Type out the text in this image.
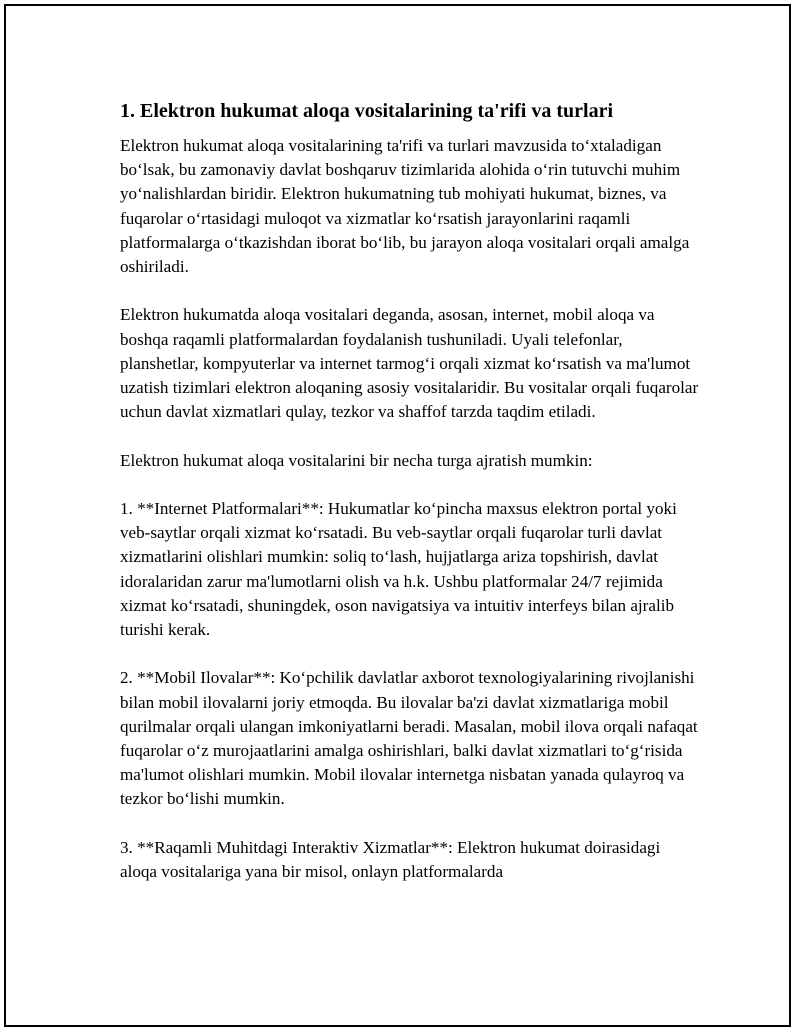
1. Elektron hukumat aloqa vositalarining ta'rifi va turlari

Elektron hukumat aloqa vositalarining ta'rifi va turlari mavzusida toʻxtaladigan boʻlsak, bu zamonaviy davlat boshqaruv tizimlarida alohida oʻrin tutuvchi muhim yoʻnalishlardan biridir. Elektron hukumatning tub mohiyati hukumat, biznes, va fuqarolar oʻrtasidagi muloqot va xizmatlar koʻrsatish jarayonlarini raqamli platformalarga oʻtkazishdan iborat boʻlib, bu jarayon aloqa vositalari orqali amalga oshiriladi.

Elektron hukumatda aloqa vositalari deganda, asosan, internet, mobil aloqa va boshqa raqamli platformalardan foydalanish tushuniladi. Uyali telefonlar, planshetlar, kompyuterlar va internet tarmogʻi orqali xizmat koʻrsatish va ma'lumot uzatish tizimlari elektron aloqaning asosiy vositalaridir. Bu vositalar orqali fuqarolar uchun davlat xizmatlari qulay, tezkor va shaffof tarzda taqdim etiladi.

Elektron hukumat aloqa vositalarini bir necha turga ajratish mumkin:

1. **Internet Platformalari**: Hukumatlar koʻpincha maxsus elektron portal yoki veb-saytlar orqali xizmat koʻrsatadi. Bu veb-saytlar orqali fuqarolar turli davlat xizmatlarini olishlari mumkin: soliq toʻlash, hujjatlarga ariza topshirish, davlat idoralaridan zarur ma'lumotlarni olish va h.k. Ushbu platformalar 24/7 rejimida xizmat koʻrsatadi, shuningdek, oson navigatsiya va intuitiv interfeys bilan ajralib turishi kerak.

2. **Mobil Ilovalar**: Koʻpchilik davlatlar axborot texnologiyalarining rivojlanishi bilan mobil ilovalarni joriy etmoqda. Bu ilovalar ba'zi davlat xizmatlariga mobil qurilmalar orqali ulangan imkoniyatlarni beradi. Masalan, mobil ilova orqali nafaqat fuqarolar oʻz murojaatlarini amalga oshirishlari, balki davlat xizmatlari toʻgʻrisida ma'lumot olishlari mumkin. Mobil ilovalar internetga nisbatan yanada qulayroq va tezkor boʻlishi mumkin.

3. **Raqamli Muhitdagi Interaktiv Xizmatlar**: Elektron hukumat doirasidagi aloqa vositalariga yana bir misol, onlayn platformalarda
